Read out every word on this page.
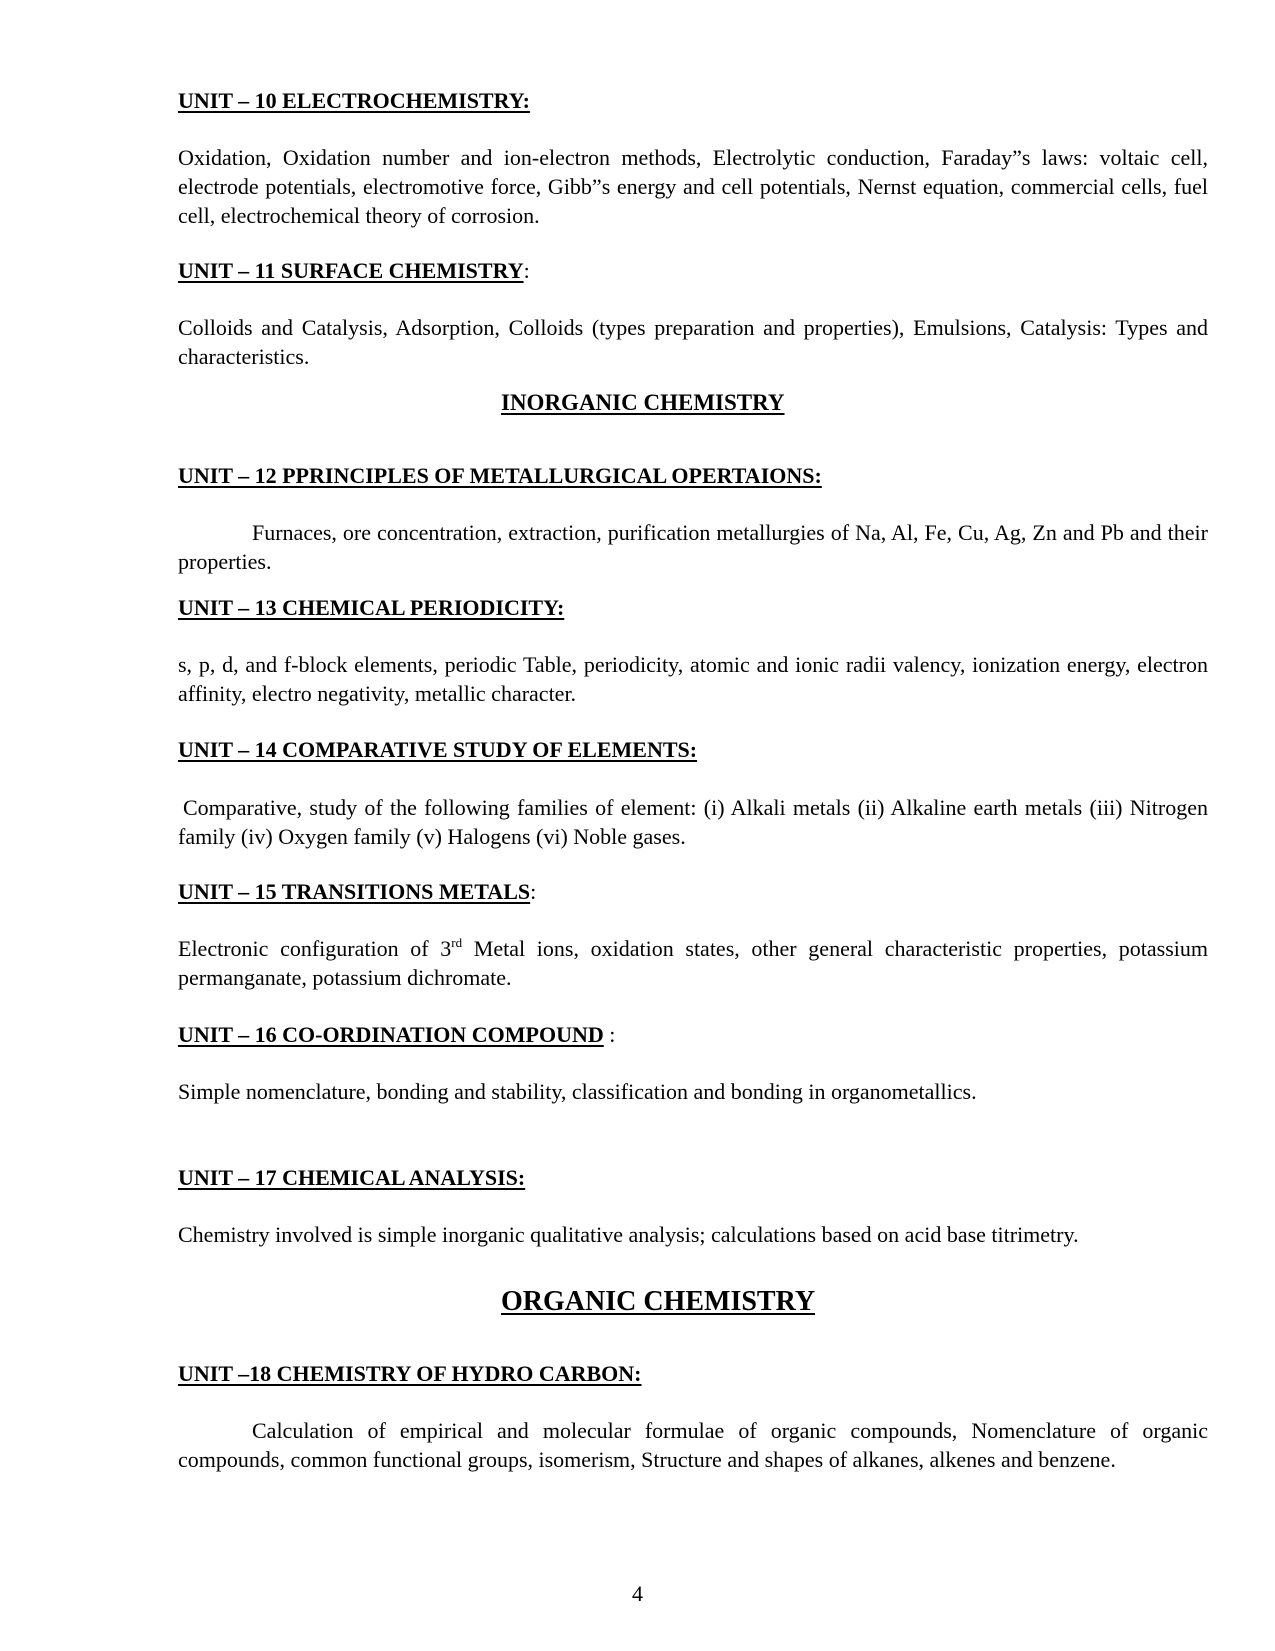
UNIT – 10 ELECTROCHEMISTRY:

Oxidation, Oxidation number and ion-electron methods, Electrolytic conduction, Faraday”s laws: voltaic cell, electrode potentials, electromotive force, Gibb”s energy and cell potentials, Nernst equation, commercial cells, fuel cell, electrochemical theory of corrosion.

UNIT – 11 SURFACE CHEMISTRY:

Colloids and Catalysis, Adsorption, Colloids (types preparation and properties), Emulsions, Catalysis: Types and characteristics.

INORGANIC CHEMISTRY

UNIT – 12 PPRINCIPLES OF METALLURGICAL OPERTAIONS:

Furnaces, ore concentration, extraction, purification metallurgies of Na, Al, Fe, Cu, Ag, Zn and Pb and their properties.

UNIT – 13 CHEMICAL PERIODICITY:

s, p, d, and f-block elements, periodic Table, periodicity, atomic and ionic radii valency, ionization energy, electron affinity, electro negativity, metallic character.

UNIT – 14 COMPARATIVE STUDY OF ELEMENTS:

Comparative, study of the following families of element: (i) Alkali metals (ii) Alkaline earth metals (iii) Nitrogen family (iv) Oxygen family (v) Halogens (vi) Noble gases.

UNIT – 15 TRANSITIONS METALS:

Electronic configuration of 3rd Metal ions, oxidation states, other general characteristic properties, potassium permanganate, potassium dichromate.

UNIT – 16 CO-ORDINATION COMPOUND :

Simple nomenclature, bonding and stability, classification and bonding in organometallics.

UNIT – 17 CHEMICAL ANALYSIS:

Chemistry involved is simple inorganic qualitative analysis; calculations based on acid base titrimetry.

ORGANIC CHEMISTRY

UNIT –18 CHEMISTRY OF HYDRO CARBON:

Calculation of empirical and molecular formulae of organic compounds, Nomenclature of organic compounds, common functional groups, isomerism, Structure and shapes of alkanes, alkenes and benzene.

4
